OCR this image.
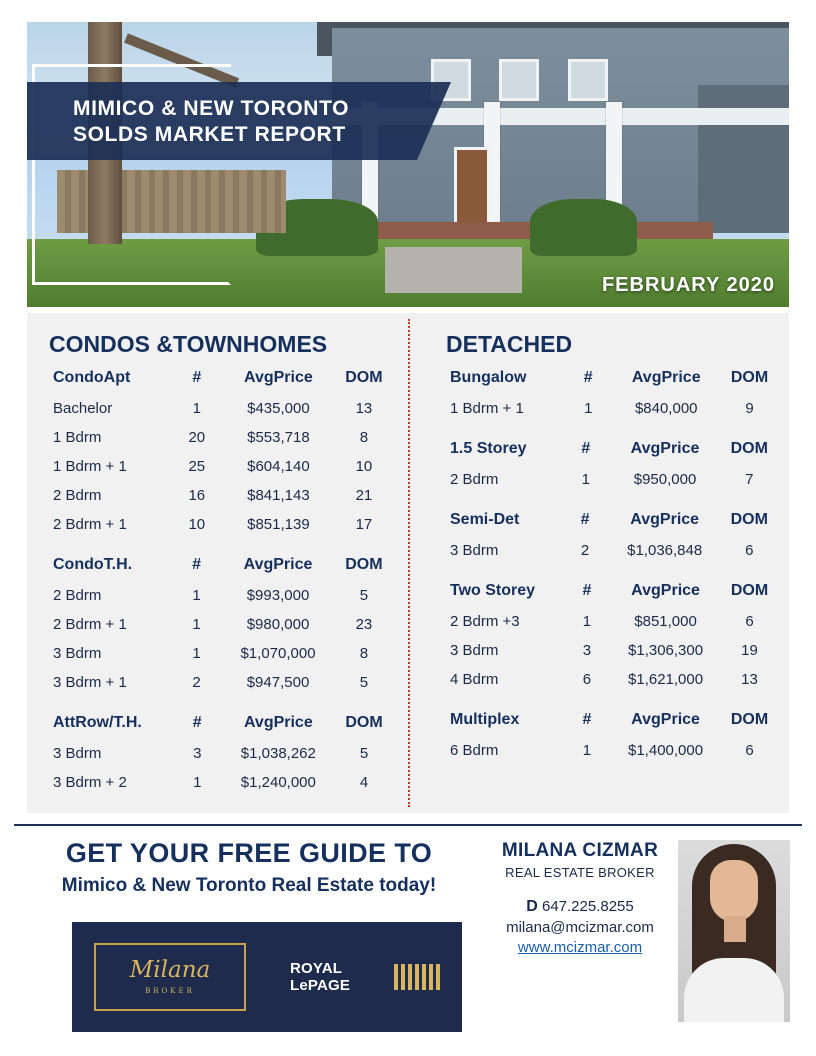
MIMICO & NEW TORONTO
SOLDS MARKET REPORT
FEBRUARY 2020
CONDOS &TOWNHOMES
CondoApt	#	AvgPrice	DOM
Bachelor	1	$435,000	13
1 Bdrm	20	$553,718	8
1 Bdrm + 1	25	$604,140	10
2 Bdrm	16	$841,143	21
2 Bdrm + 1	10	$851,139	17
CondoT.H.	#	AvgPrice	DOM
2 Bdrm	1	$993,000	5
2 Bdrm + 1	1	$980,000	23
3 Bdrm	1	$1,070,000	8
3 Bdrm + 1	2	$947,500	5
AttRow/T.H.	#	AvgPrice	DOM
3 Bdrm	3	$1,038,262	5
3 Bdrm + 2	1	$1,240,000	4
DETACHED
Bungalow	#	AvgPrice	DOM
1 Bdrm + 1	1	$840,000	9
1.5 Storey	#	AvgPrice	DOM
2 Bdrm	1	$950,000	7
Semi-Det	#	AvgPrice	DOM
3 Bdrm	2	$1,036,848	6
Two Storey	#	AvgPrice	DOM
2 Bdrm +3	1	$851,000	6
3 Bdrm	3	$1,306,300	19
4 Bdrm	6	$1,621,000	13
Multiplex	#	AvgPrice	DOM
6 Bdrm	1	$1,400,000	6
GET YOUR FREE GUIDE TO
Mimico & New Toronto Real Estate today!
Milana
BROKER
ROYAL LePAGE
MILANA CIZMAR
REAL ESTATE BROKER
D 647.225.8255
milana@mcizmar.com
www.mcizmar.com
